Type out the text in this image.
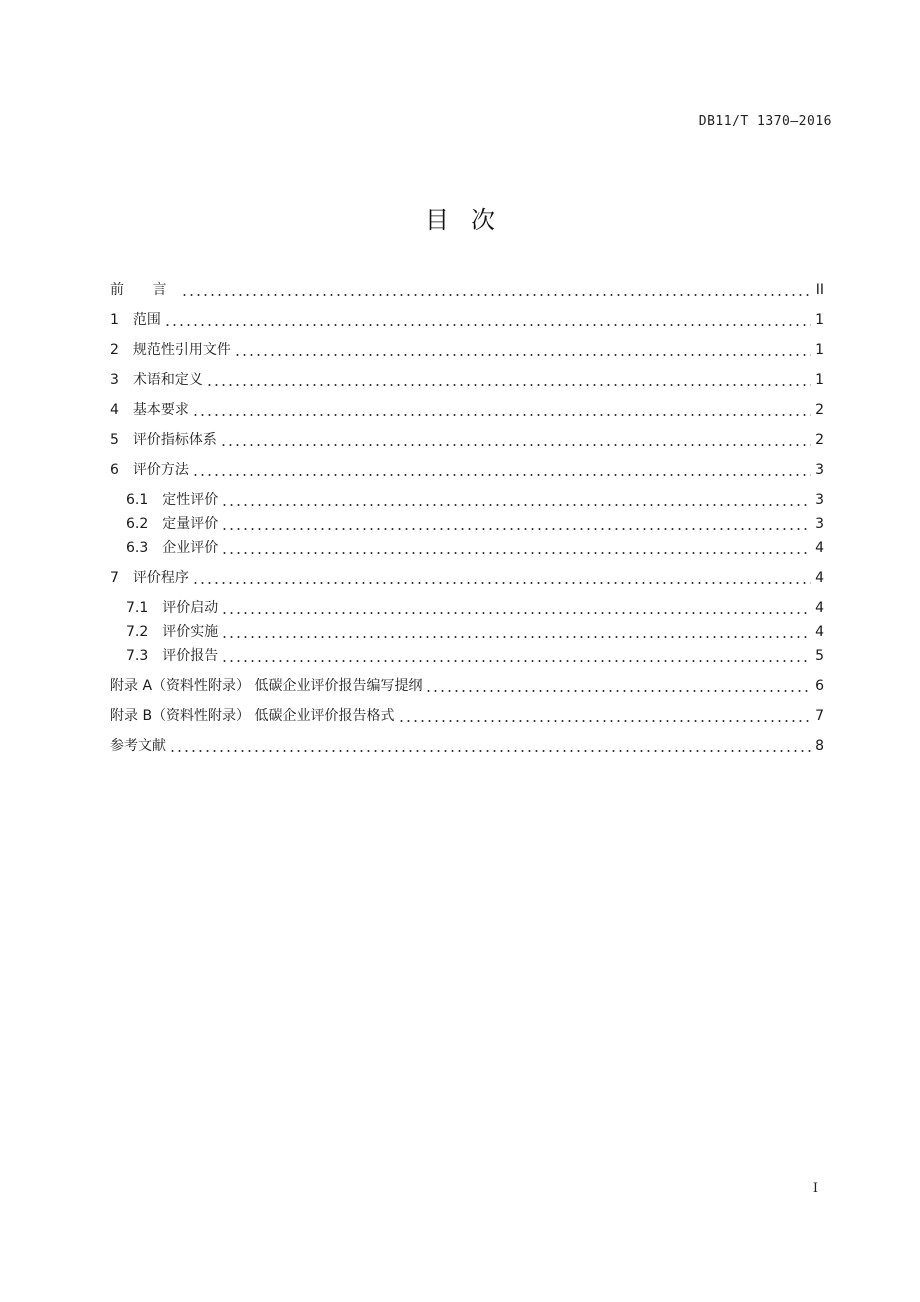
DB11/T 1370—2016
目次
前 言	II
1 范围	1
2 规范性引用文件	1
3 术语和定义	1
4 基本要求	2
5 评价指标体系	2
6 评价方法	3
6.1 定性评价	3
6.2 定量评价	3
6.3 企业评价	4
7 评价程序	4
7.1 评价启动	4
7.2 评价实施	4
7.3 评价报告	5
附录 A（资料性附录） 低碳企业评价报告编写提纲	6
附录 B（资料性附录） 低碳企业评价报告格式	7
参考文献	8
I
